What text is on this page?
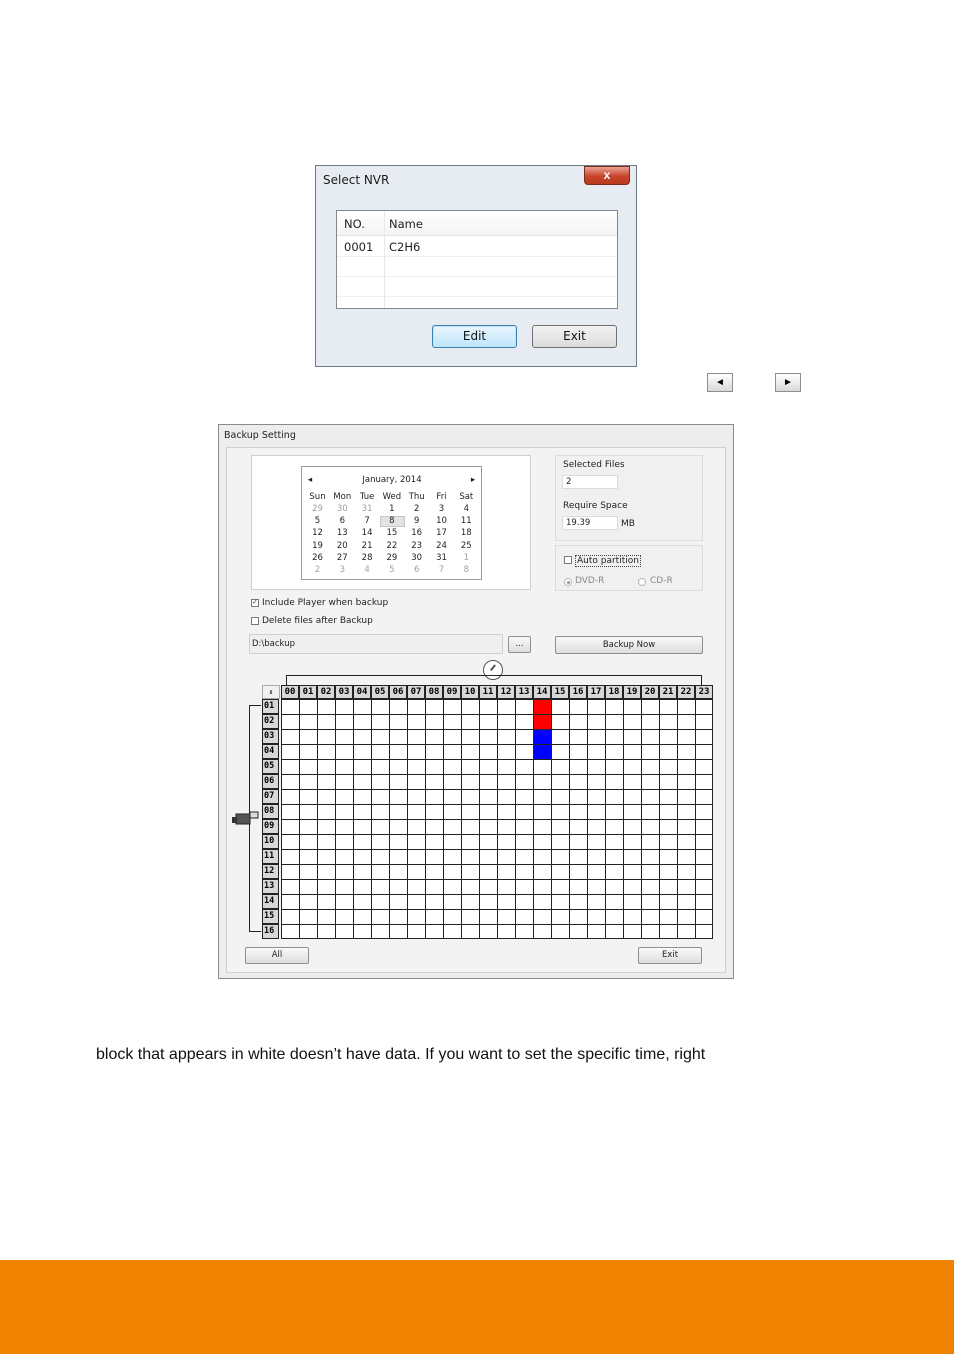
Select NVR	x
NO. Name
0001 C2H6
Edit	Exit
◄	►
Backup Setting
◂	January, 2014	▸
Sun Mon	Tue Wed Thu	Fri	Sat
29	30	31	1	2	3	4
5	6	7	8	9	10	11
12	13	14	15	16	17	18
19	20	21	22	23	24	25
26	27	28	29	30	31	1
2	3	4	5	6	7	8
Selected Files
2
Require Space
19.39	MB
Auto partition
DVD-R	CD-R
✓ Include Player when backup
Delete files after Backup
D:\backup	...	Backup Now
⇕	00 01 02 03 04 05 06 07 08 09 10 11 12 13 14 15 16 17 18 19 20 21 22 23
01
02
03
04
05
06
07
08
09
10
11
12
13
14
15
16
All	Exit
block that appears in white doesn’t have data. If you want to set the specific time, right
